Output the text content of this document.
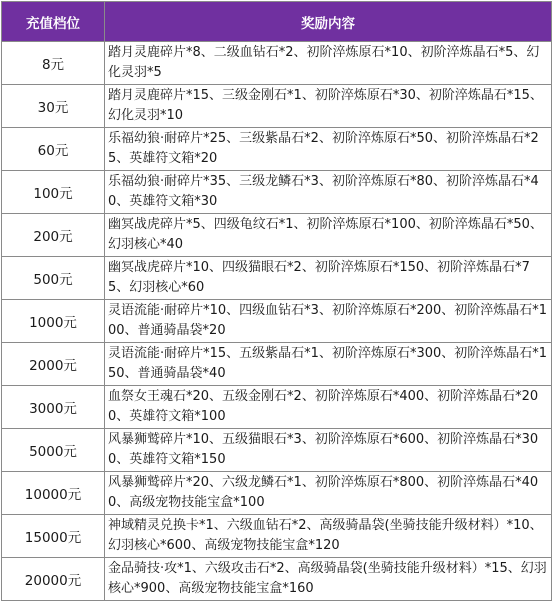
充值档位	奖励内容
8元
踏月灵鹿碎片*8、二级血钻石*2、初阶淬炼原石*10、初阶淬炼晶石*5、幻化灵羽*5
30元
踏月灵鹿碎片*15、三级金刚石*1、初阶淬炼原石*30、初阶淬炼晶石*15、幻化灵羽*10
60元
乐福幼狼·耐碎片*25、三级紫晶石*2、初阶淬炼原石*50、初阶淬炼晶石*25、英雄符文箱*20
100元
乐福幼狼·耐碎片*35、三级龙鳞石*3、初阶淬炼原石*80、初阶淬炼晶石*40、英雄符文箱*30
200元
幽冥战虎碎片*5、四级龟纹石*1、初阶淬炼原石*100、初阶淬炼晶石*50、幻羽核心*40
500元
幽冥战虎碎片*10、四级猫眼石*2、初阶淬炼原石*150、初阶淬炼晶石*75、幻羽核心*60
1000元
灵语流能·耐碎片*10、四级血钻石*3、初阶淬炼原石*200、初阶淬炼晶石*100、普通骑晶袋*20
2000元
灵语流能·耐碎片*15、五级紫晶石*1、初阶淬炼原石*300、初阶淬炼晶石*150、普通骑晶袋*40
3000元
血祭女王魂石*20、五级金刚石*2、初阶淬炼原石*400、初阶淬炼晶石*200、英雄符文箱*100
5000元
风暴狮鹫碎片*10、五级猫眼石*3、初阶淬炼原石*600、初阶淬炼晶石*300、英雄符文箱*150
10000元
风暴狮鹫碎片*20、六级龙鳞石*1、初阶淬炼原石*800、初阶淬炼晶石*400、高级宠物技能宝盒*100
15000元
神域精灵兑换卡*1、六级血钻石*2、高级骑晶袋(坐骑技能升级材料）*10、幻羽核心*600、高级宠物技能宝盒*120
20000元
金品骑技·攻*1、六级攻击石*2、高级骑晶袋(坐骑技能升级材料）*15、幻羽核心*900、高级宠物技能宝盒*160
